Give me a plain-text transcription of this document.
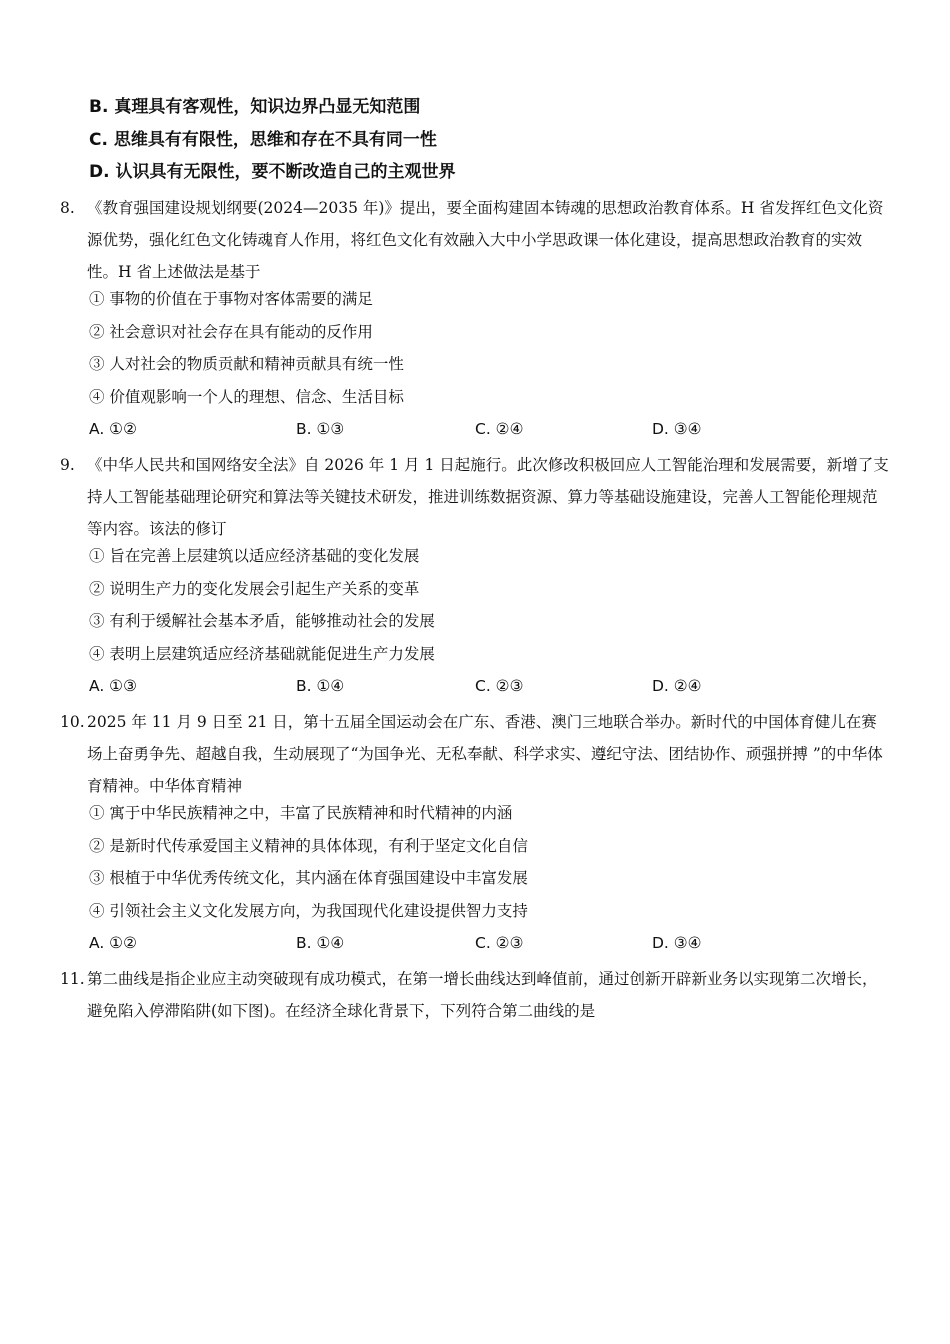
B. 真理具有客观性，知识边界凸显无知范围
C. 思维具有有限性，思维和存在不具有同一性
D. 认识具有无限性，要不断改造自己的主观世界
8. 《教育强国建设规划纲要(2024—2035 年)》提出，要全面构建固本铸魂的思想政治教育体系。H 省发挥红色文化资源优势，强化红色文化铸魂育人作用，将红色文化有效融入大中小学思政课一体化建设，提高思想政治教育的实效性。H 省上述做法是基于
① 事物的价值在于事物对客体需要的满足
② 社会意识对社会存在具有能动的反作用
③ 人对社会的物质贡献和精神贡献具有统一性
④ 价值观影响一个人的理想、信念、生活目标
A. ①②	B. ①③	C. ②④	D. ③④
9. 《中华人民共和国网络安全法》自 2026 年 1 月 1 日起施行。此次修改积极回应人工智能治理和发展需要，新增了支持人工智能基础理论研究和算法等关键技术研发，推进训练数据资源、算力等基础设施建设，完善人工智能伦理规范等内容。该法的修订
① 旨在完善上层建筑以适应经济基础的变化发展
② 说明生产力的变化发展会引起生产关系的变革
③ 有利于缓解社会基本矛盾，能够推动社会的发展
④ 表明上层建筑适应经济基础就能促进生产力发展
A. ①③	B. ①④	C. ②③	D. ②④
10. 2025 年 11 月 9 日至 21 日，第十五届全国运动会在广东、香港、澳门三地联合举办。新时代的中国体育健儿在赛场上奋勇争先、超越自我，生动展现了“为国争光、无私奉献、科学求实、遵纪守法、团结协作、顽强拼搏 ”的中华体育精神。中华体育精神
① 寓于中华民族精神之中，丰富了民族精神和时代精神的内涵
② 是新时代传承爱国主义精神的具体体现，有利于坚定文化自信
③ 根植于中华优秀传统文化，其内涵在体育强国建设中丰富发展
④ 引领社会主义文化发展方向，为我国现代化建设提供智力支持
A. ①②	B. ①④	C. ②③	D. ③④
11. 第二曲线是指企业应主动突破现有成功模式，在第一增长曲线达到峰值前，通过创新开辟新业务以实现第二次增长，避免陷入停滞陷阱(如下图)。在经济全球化背景下，下列符合第二曲线的是
